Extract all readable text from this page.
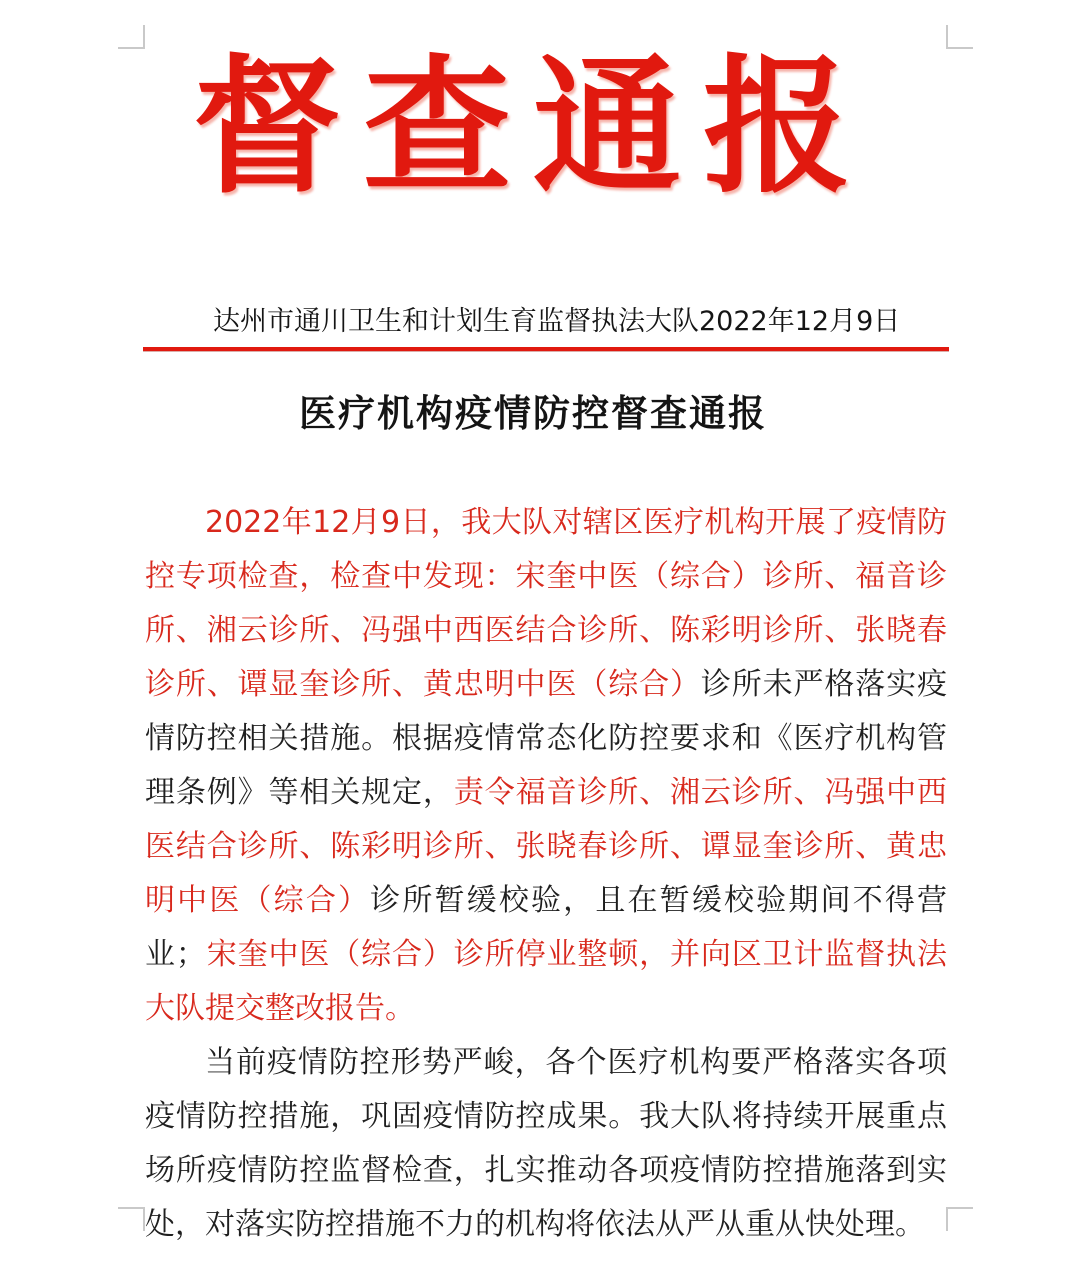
督查通报
达州市通川卫生和计划生育监督执法大队 2022年12月9日
医疗机构疫情防控督查通报

2022年12月9日，我大队对辖区医疗机构开展了疫情防控专项检查，检查中发现：宋奎中医（综合）诊所、福音诊所、湘云诊所、冯强中西医结合诊所、陈彩明诊所、张晓春诊所、谭显奎诊所、黄忠明中医（综合）诊所未严格落实疫情防控相关措施。根据疫情常态化防控要求和《医疗机构管理条例》等相关规定，责令福音诊所、湘云诊所、冯强中西医结合诊所、陈彩明诊所、张晓春诊所、谭显奎诊所、黄忠明中医（综合）诊所暂缓校验，且在暂缓校验期间不得营业；宋奎中医（综合）诊所停业整顿，并向区卫计监督执法大队提交整改报告。

当前疫情防控形势严峻，各个医疗机构要严格落实各项疫情防控措施，巩固疫情防控成果。我大队将持续开展重点场所疫情防控监督检查，扎实推动各项疫情防控措施落到实处，对落实防控措施不力的机构将依法从严从重从快处理。
